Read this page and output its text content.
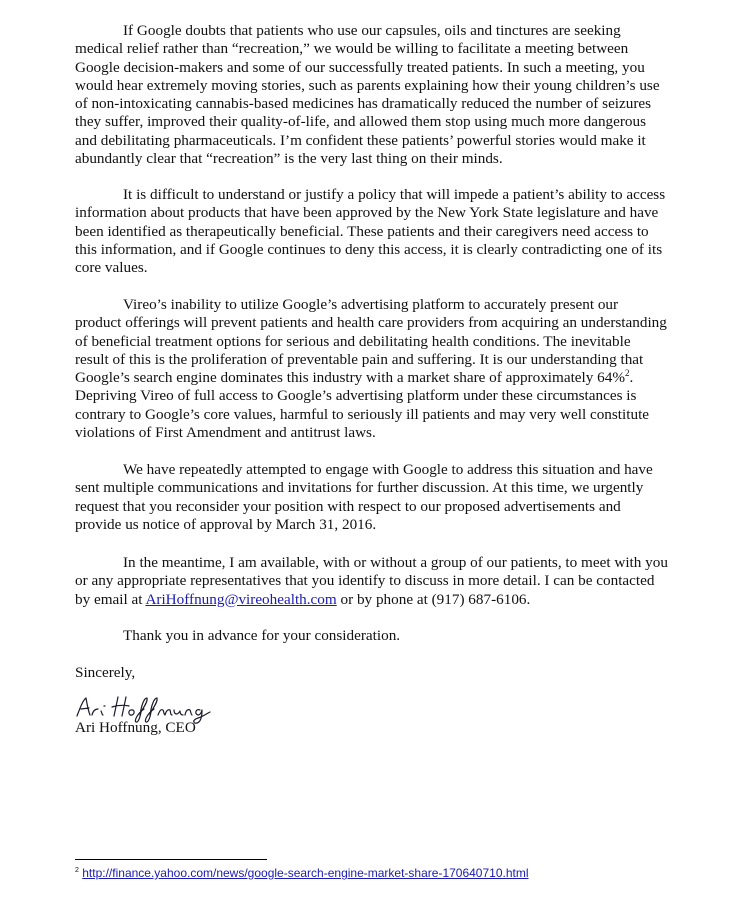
If Google doubts that patients who use our capsules, oils and tinctures are seeking
medical relief rather than “recreation,” we would be willing to facilitate a meeting between
Google decision-makers and some of our successfully treated patients. In such a meeting, you
would hear extremely moving stories, such as parents explaining how their young children’s use
of non-intoxicating cannabis-based medicines has dramatically reduced the number of seizures
they suffer, improved their quality-of-life, and allowed them stop using much more dangerous
and debilitating pharmaceuticals. I’m confident these patients’ powerful stories would make it
abundantly clear that “recreation” is the very last thing on their minds.

It is difficult to understand or justify a policy that will impede a patient’s ability to access
information about products that have been approved by the New York State legislature and have
been identified as therapeutically beneficial. These patients and their caregivers need access to
this information, and if Google continues to deny this access, it is clearly contradicting one of its
core values.

Vireo’s inability to utilize Google’s advertising platform to accurately present our
product offerings will prevent patients and health care providers from acquiring an understanding
of beneficial treatment options for serious and debilitating health conditions. The inevitable
result of this is the proliferation of preventable pain and suffering. It is our understanding that
Google’s search engine dominates this industry with a market share of approximately 64%$^2$.
Depriving Vireo of full access to Google’s advertising platform under these circumstances is
contrary to Google’s core values, harmful to seriously ill patients and may very well constitute
violations of First Amendment and antitrust laws.

We have repeatedly attempted to engage with Google to address this situation and have
sent multiple communications and invitations for further discussion. At this time, we urgently
request that you reconsider your position with respect to our proposed advertisements and
provide us notice of approval by March 31, 2016.

In the meantime, I am available, with or without a group of our patients, to meet with you
or any appropriate representatives that you identify to discuss in more detail. I can be contacted
by email at AriHoffnung@vireohealth.com or by phone at (917) 687-6106.

Thank you in advance for your consideration.
Sincerely,
Ari Hoffnung, CEO
$^2$ http://finance.yahoo.com/news/google-search-engine-market-share-170640710.html
